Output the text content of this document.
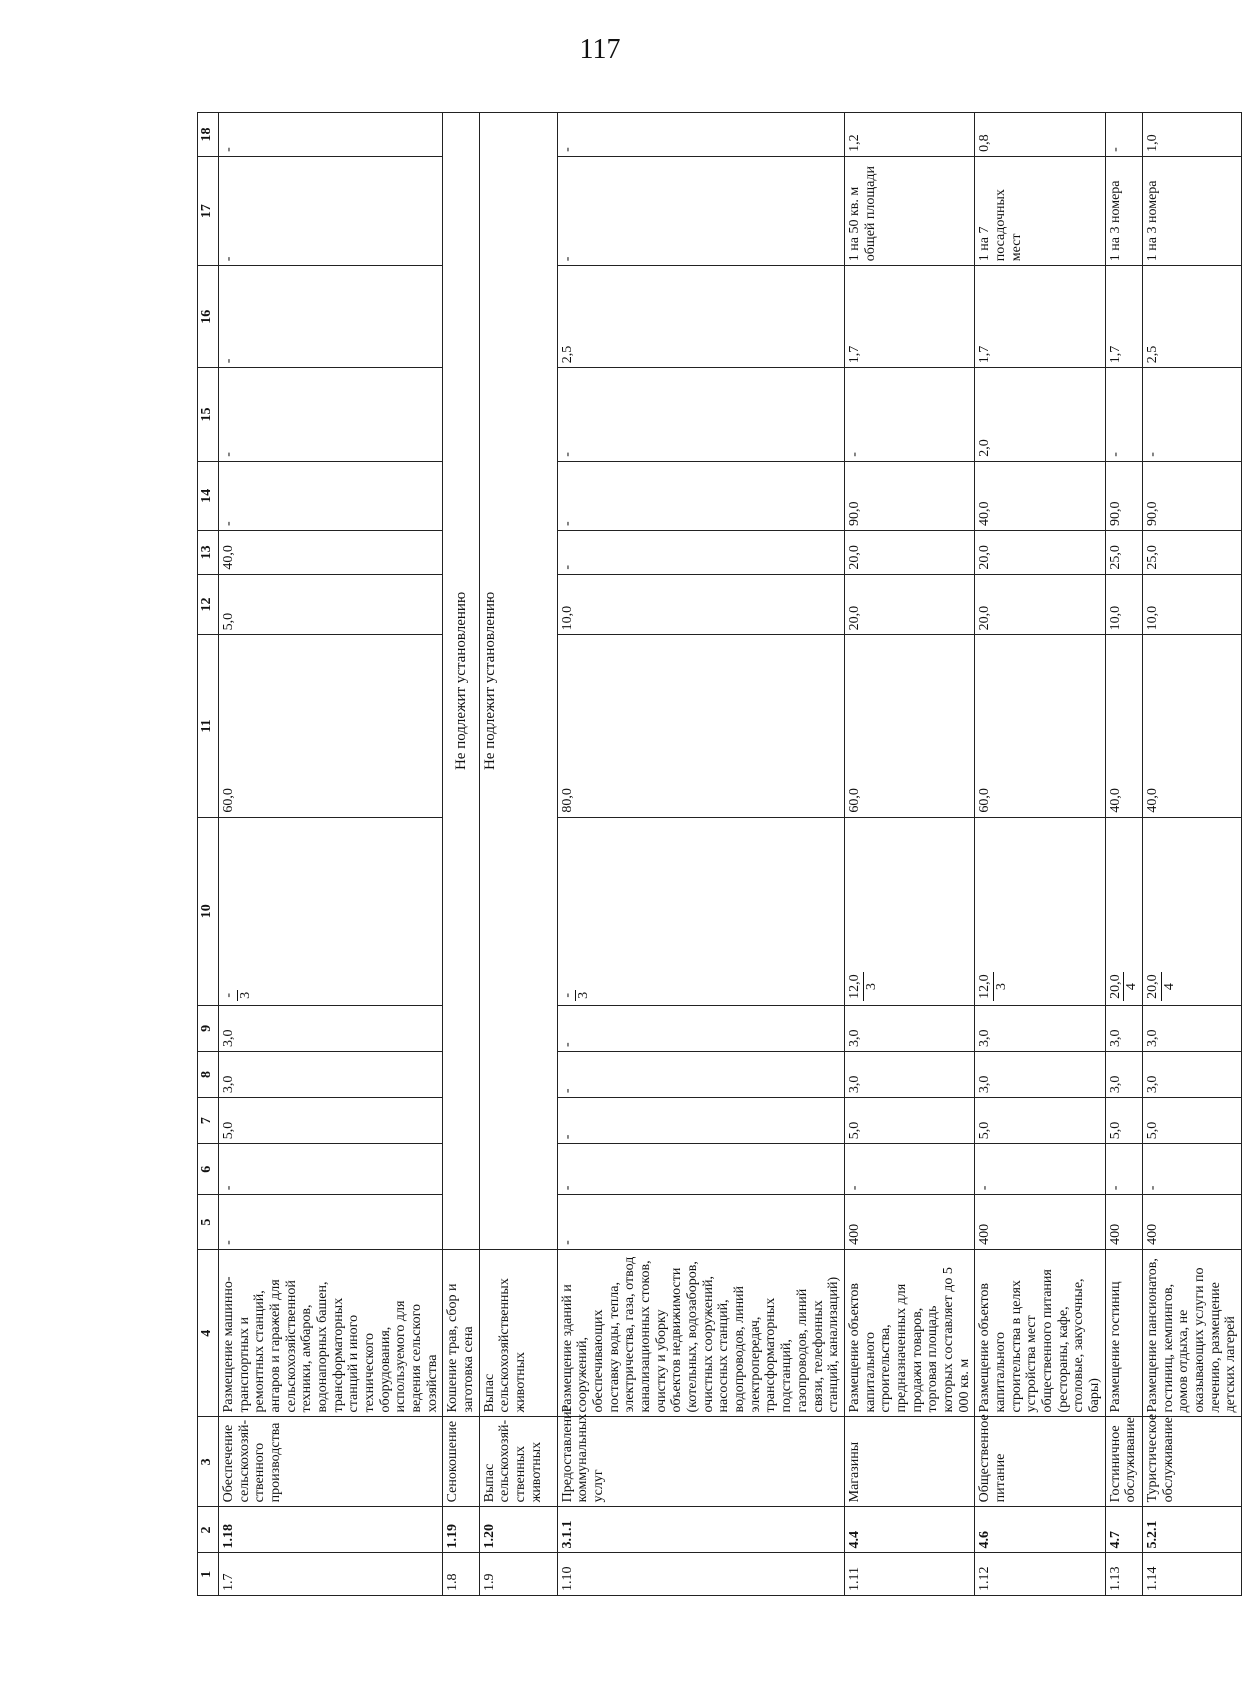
117
1	2	3	4	5	6	7	8	9	10	11	12	13	14	15	16	17	18
1.7	1.18	Обеспечение сельскохозяй-ственного производства	Размещение машинно-транспортных и ремонтных станций, ангаров и гаражей для сельскохозяйственной техники, амбаров, водонапорных башен, трансформаторных станций и иного технического оборудования, используемого для ведения сельского хозяйства	-	-	5,0	3,0	3,0	- 3	60,0	5,0	40,0	-	-	-	-	-
1.8	1.19	Сенокошение	Кошение трав, сбор и заготовка сена	Не подлежит установлению													
1.9	1.20	Выпас сельскохозяй-ственных животных	Выпас сельскохозяйственных животных	Не подлежит установлению													
1.10	3.1.1	Предоставление коммунальных услуг	Размещение зданий и сооружений, обеспечивающих поставку воды, тепла, электричества, газа, отвод канализационных стоков, очистку и уборку объектов недвижимости (котельных, водозаборов, очистных сооружений, насосных станций, водопроводов, линий электропередач, трансформаторных подстанций, газопроводов, линий связи, телефонных станций, канализаций)	-	-	-	-	-	- 3	80,0	10,0	-	-	-	2,5	-	-
1.11	4.4	Магазины	Размещение объектов капитального строительства, предназначенных для продажи товаров, торговая площадь которых составляет до 5 000 кв. м	400	-	5,0	3,0	3,0	12,0 3	60,0	20,0	20,0	90,0	-	1,7	1 на 50 кв. м общей площади	1,2
1.12	4.6	Общественное питание	Размещение объектов капитального строительства в целях устройства мест общественного питания (рестораны, кафе, столовые, закусочные, бары)	400	-	5,0	3,0	3,0	12,0 3	60,0	20,0	20,0	40,0	2,0	1,7	1 на 7 посадочных мест	0,8
1.13	4.7	Гостиничное обслуживание	Размещение гостиниц	400	-	5,0	3,0	3,0	20,0 4	40,0	10,0	25,0	90,0	-	1,7	1 на 3 номера	-
1.14	5.2.1	Туристическое обслуживание	Размещение пансионатов, гостиниц, кемпингов, домов отдыха, не оказывающих услуги по лечению, размещение детских лагерей	400	-	5,0	3,0	3,0	20,0 4	40,0	10,0	25,0	90,0	-	2,5	1 на 3 номера	1,0
